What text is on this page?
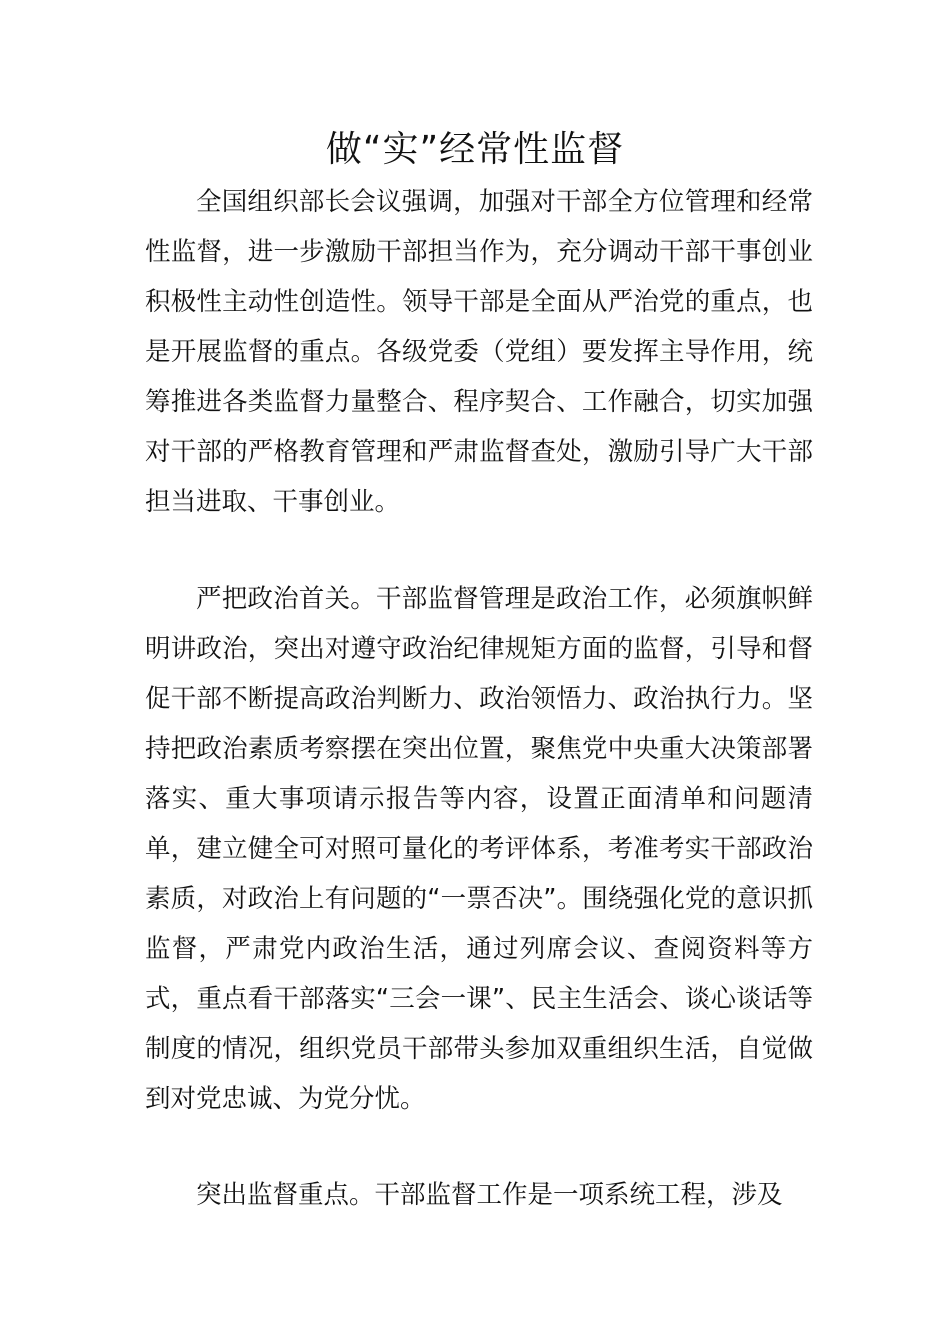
做“实”经常性监督

全国组织部长会议强调，加强对干部全方位管理和经常性监督，进一步激励干部担当作为，充分调动干部干事创业积极性主动性创造性。领导干部是全面从严治党的重点，也是开展监督的重点。各级党委（党组）要发挥主导作用，统筹推进各类监督力量整合、程序契合、工作融合，切实加强对干部的严格教育管理和严肃监督查处，激励引导广大干部担当进取、干事创业。

严把政治首关。干部监督管理是政治工作，必须旗帜鲜明讲政治，突出对遵守政治纪律规矩方面的监督，引导和督促干部不断提高政治判断力、政治领悟力、政治执行力。坚持把政治素质考察摆在突出位置，聚焦党中央重大决策部署落实、重大事项请示报告等内容，设置正面清单和问题清单，建立健全可对照可量化的考评体系，考准考实干部政治素质，对政治上有问题的“一票否决”。围绕强化党的意识抓监督，严肃党内政治生活，通过列席会议、查阅资料等方式，重点看干部落实“三会一课”、民主生活会、谈心谈话等制度的情况，组织党员干部带头参加双重组织生活，自觉做到对党忠诚、为党分忧。

突出监督重点。干部监督工作是一项系统工程，涉及
